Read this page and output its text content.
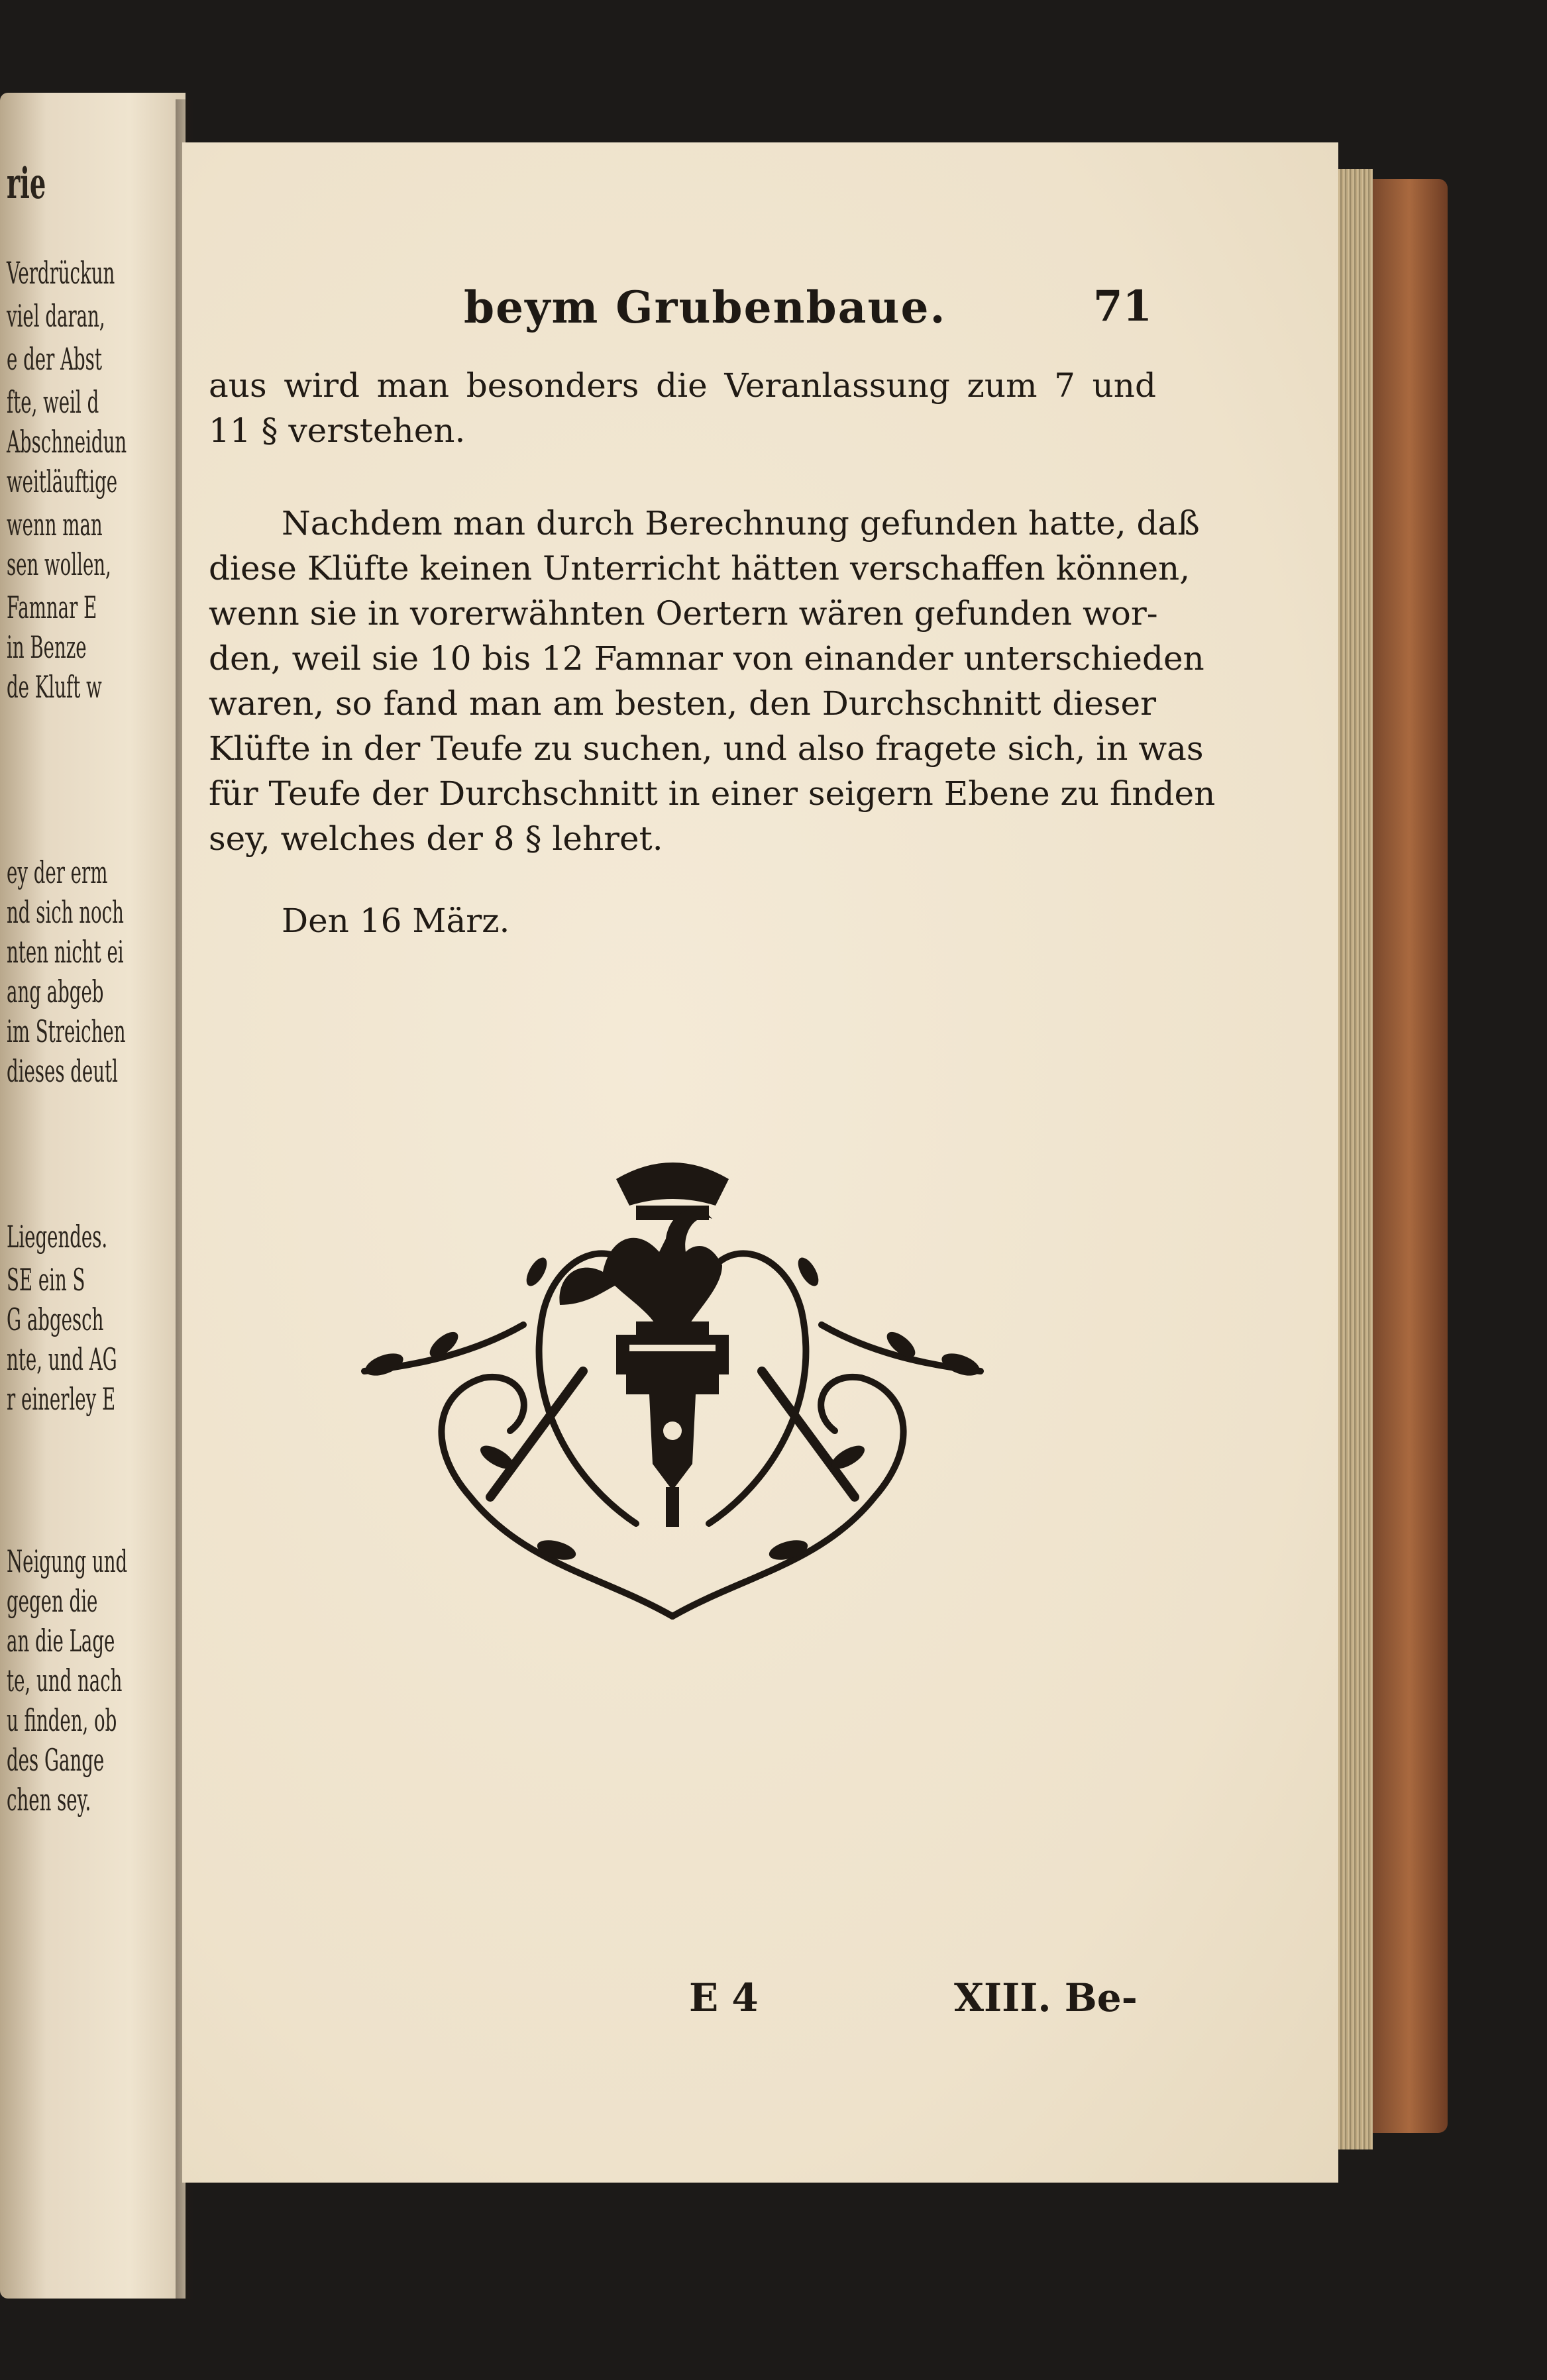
rie
Verdrückun
viel daran,
e der Abst
fte, weil d
Abschneidun
weitläuftige
wenn man
sen wollen,
Famnar E
in Benze
de Kluft w
ey der erm
nd sich noch
nten nicht ei
ang abgeb
im Streichen
dieses deutl
Liegendes.
SE ein S
G abgesch
nte, und AG
r einerley E
Neigung und
gegen die
an die Lage
te, und nach
u finden, ob
des Gange
chen sey.
beym Grubenbaue.	71
aus wird man besonders die Veranlassung zum 7 und
11 § verstehen.
Nachdem man durch Berechnung gefunden hatte, daß
diese Klüfte keinen Unterricht hätten verschaffen können,
wenn sie in vorerwähnten Oertern wären gefunden wor-
den, weil sie 10 bis 12 Famnar von einander unterschieden
waren, so fand man am besten, den Durchschnitt dieser
Klüfte in der Teufe zu suchen, und also fragete sich, in was
für Teufe der Durchschnitt in einer seigern Ebene zu finden
sey, welches der 8 § lehret.
Den 16 März.
E 4	XIII. Be-
